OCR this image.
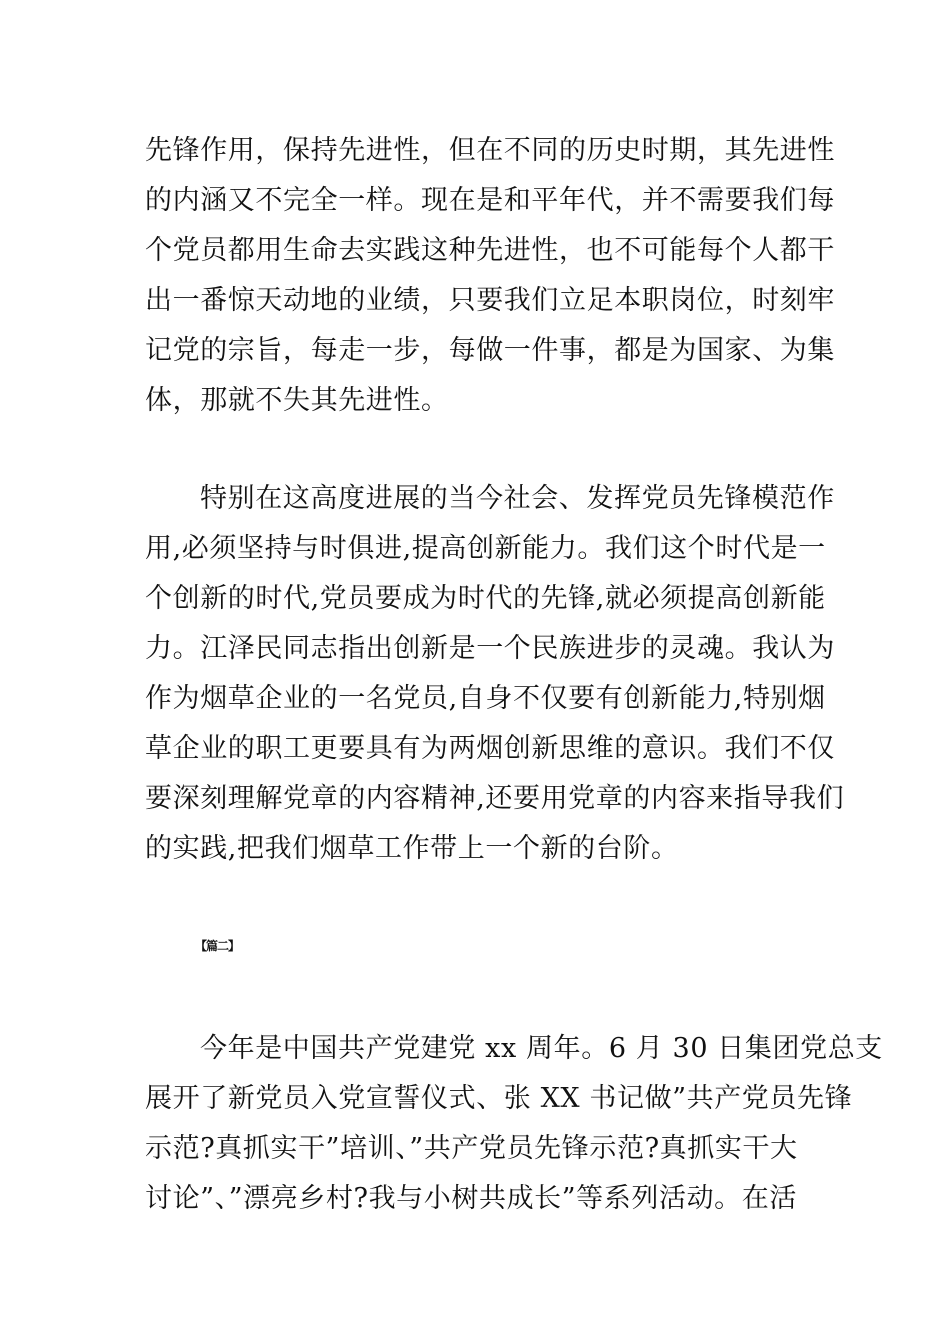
先锋作用，保持先进性，但在不同的历史时期，其先进性
的内涵又不完全一样。现在是和平年代，并不需要我们每
个党员都用生命去实践这种先进性，也不可能每个人都干
出一番惊天动地的业绩，只要我们立足本职岗位，时刻牢
记党的宗旨，每走一步，每做一件事，都是为国家、为集
体，那就不失其先进性。
特别在这高度进展的当今社会、发挥党员先锋模范作
用,必须坚持与时俱进,提高创新能力。我们这个时代是一
个创新的时代,党员要成为时代的先锋,就必须提高创新能
力。江泽民同志指出创新是一个民族进步的灵魂。我认为
作为烟草企业的一名党员,自身不仅要有创新能力,特别烟
草企业的职工更要具有为两烟创新思维的意识。我们不仅
要深刻理解党章的内容精神,还要用党章的内容来指导我们
的实践,把我们烟草工作带上一个新的台阶。
【篇二】
今年是中国共产党建党 xx 周年。6 月 30 日集团党总支
展开了新党员入党宣誓仪式、张 XX 书记做”共产党员先锋
示范?真抓实干”培训、”共产党员先锋示范?真抓实干大
讨论”、”漂亮乡村?我与小树共成长”等系列活动。在活
